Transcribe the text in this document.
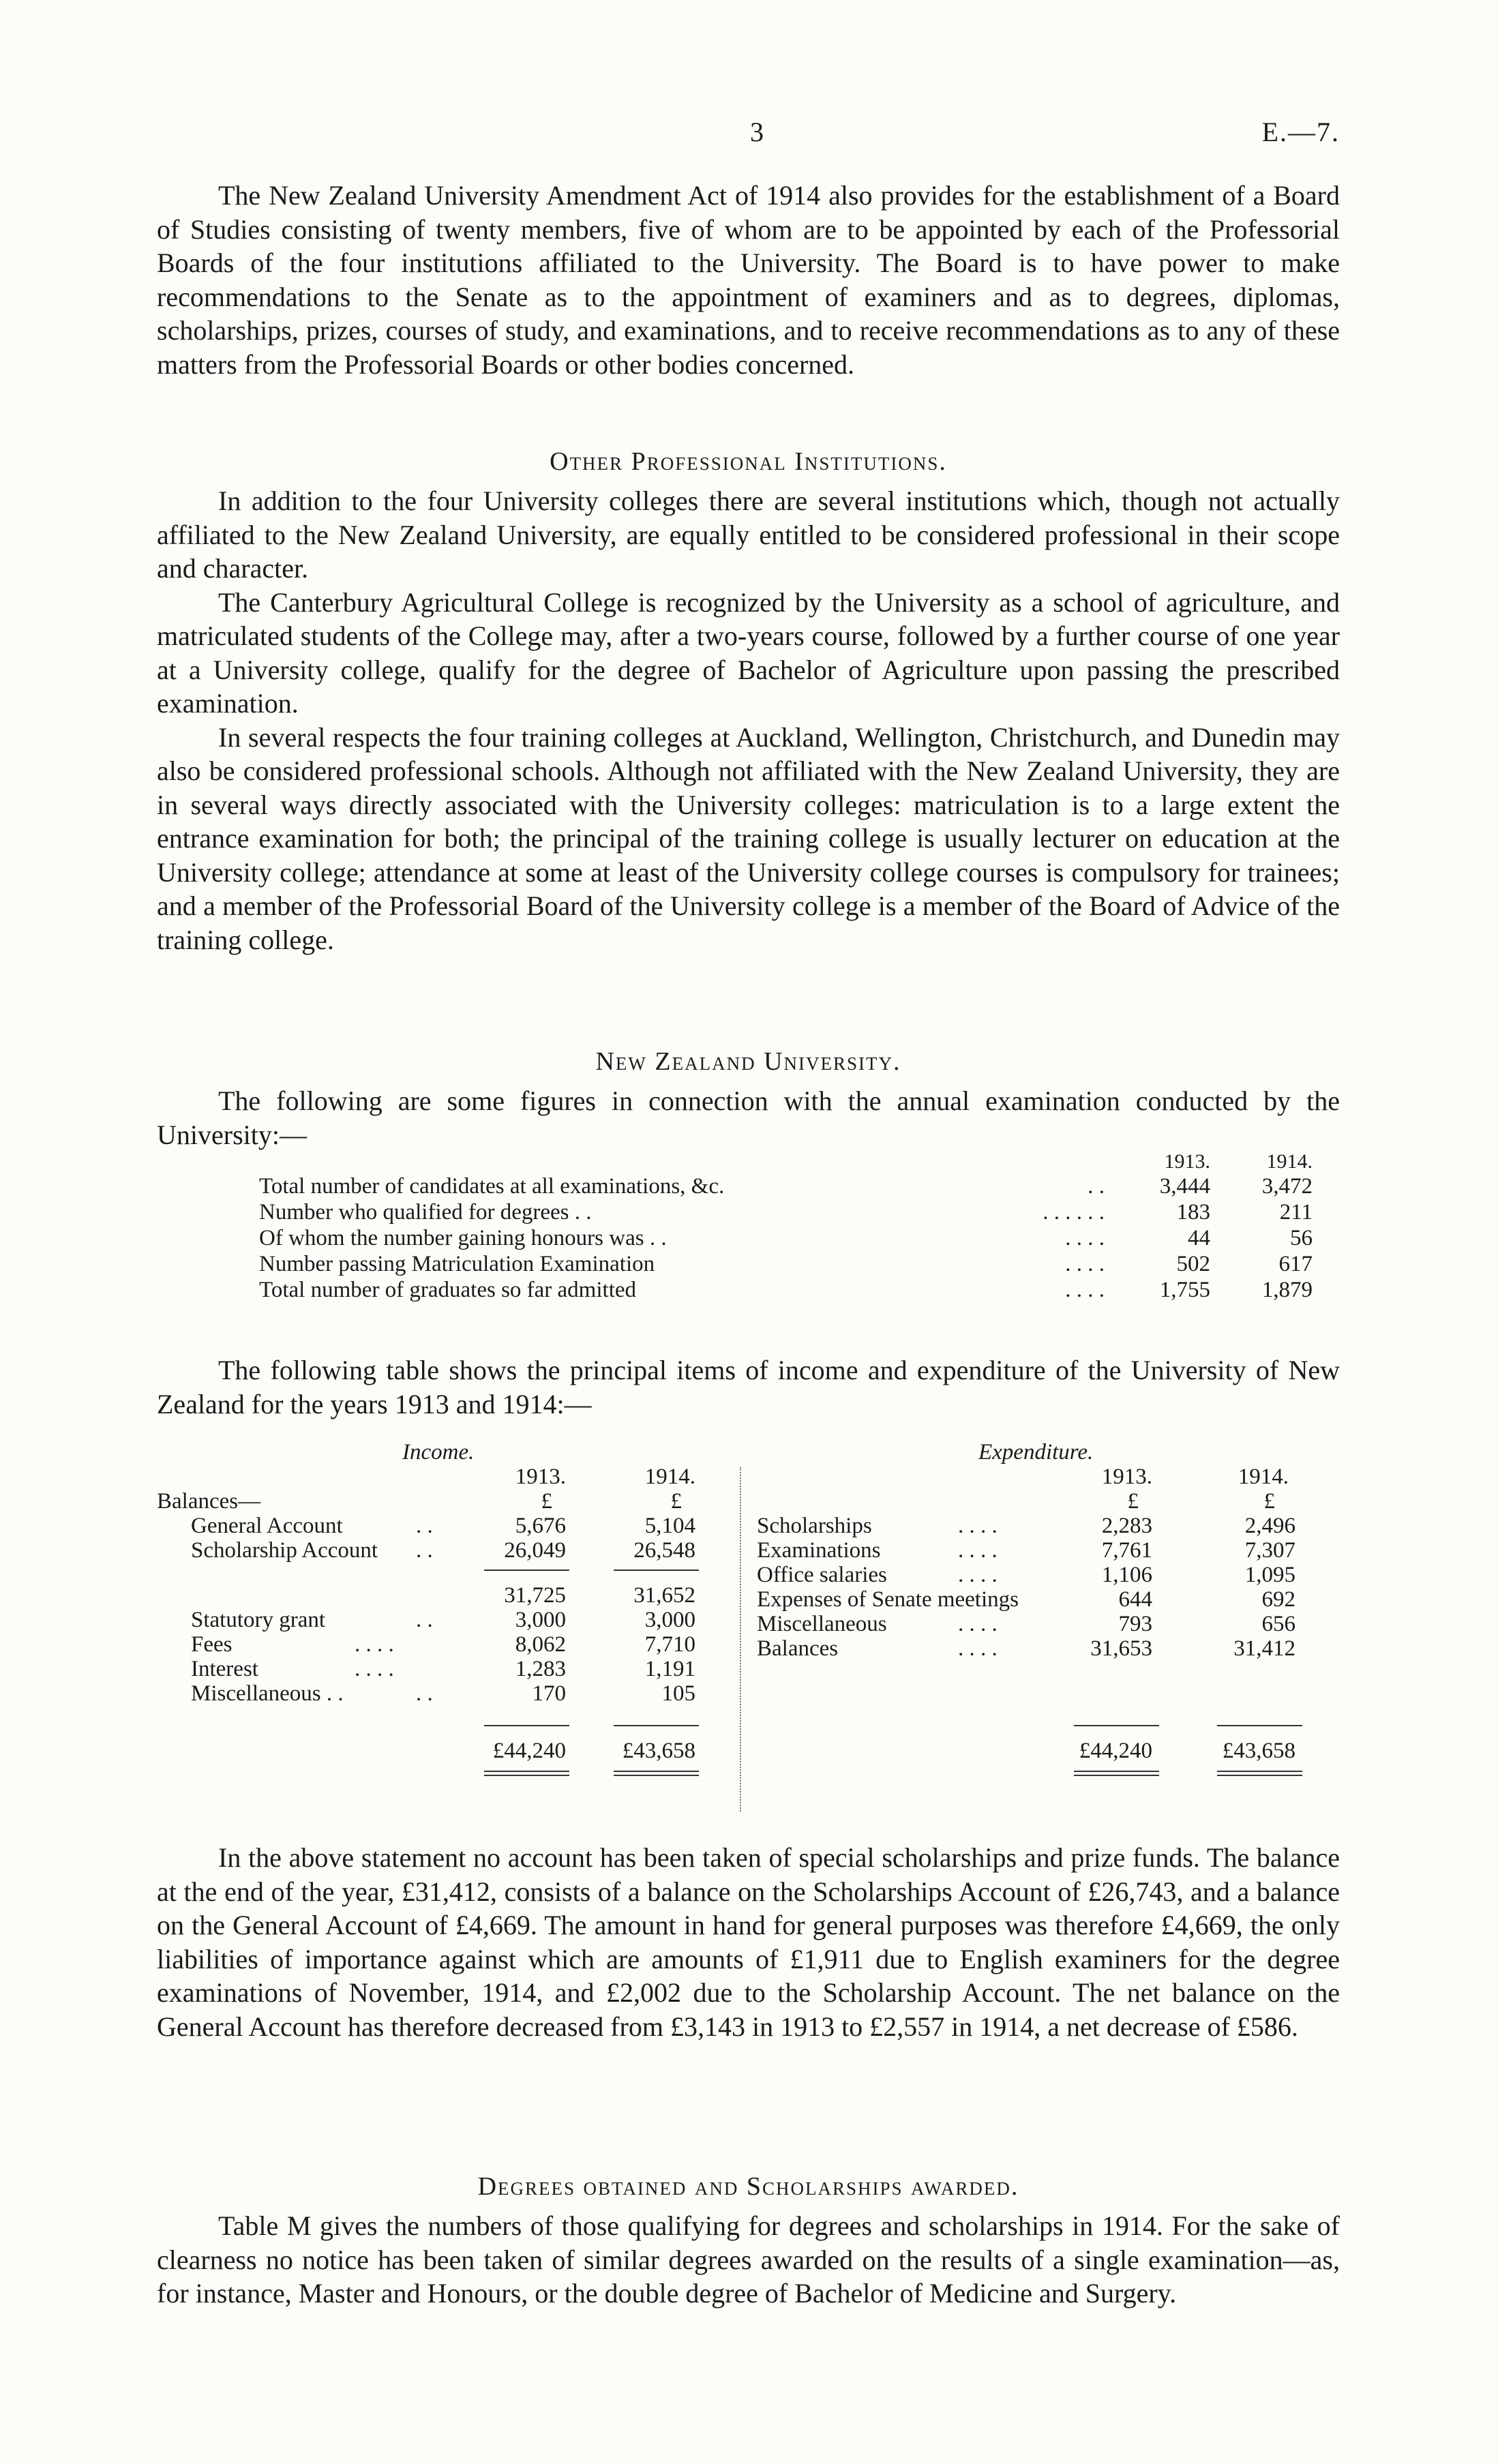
3	E.—7.

The New Zealand University Amendment Act of 1914 also provides for the establishment of a Board of Studies consisting of twenty members, five of whom are to be appointed by each of the Professorial Boards of the four institutions affiliated to the University. The Board is to have power to make recommendations to the Senate as to the appointment of examiners and as to degrees, diplomas, scholarships, prizes, courses of study, and examinations, and to receive recommendations as to any of these matters from the Professorial Boards or other bodies concerned.

Other Professional Institutions.

In addition to the four University colleges there are several institutions which, though not actually affiliated to the New Zealand University, are equally entitled to be considered professional in their scope and character.

The Canterbury Agricultural College is recognized by the University as a school of agriculture, and matriculated students of the College may, after a two-years course, followed by a further course of one year at a University college, qualify for the degree of Bachelor of Agriculture upon passing the prescribed examination.

In several respects the four training colleges at Auckland, Wellington, Christchurch, and Dunedin may also be considered professional schools. Although not affiliated with the New Zealand University, they are in several ways directly associated with the University colleges: matriculation is to a large extent the entrance examination for both; the principal of the training college is usually lecturer on education at the University college; attendance at some at least of the University college courses is compulsory for trainees; and a member of the Professorial Board of the University college is a member of the Board of Advice of the training college.

New Zealand University.

The following are some figures in connection with the annual examination conducted by the University:—

1913.	1914.
Total number of candidates at all examinations, &c.	. .	3,444	3,472
Number who qualified for degrees . .	. . . . . .	183	211
Of whom the number gaining honours was . .	. . . .	44	56
Number passing Matriculation Examination	. . . .	502	617
Total number of graduates so far admitted	. . . .	1,755	1,879

The following table shows the principal items of income and expenditure of the University of New Zealand for the years 1913 and 1914:—

Income.
1913.	1914.
Balances—	£	£
General Account	. .	5,676	5,104
Scholarship Account . .	26,049	26,548
31,725	31,652
Statutory grant	. .	3,000	3,000
Fees	. . . .	8,062	7,710
Interest	. . . .	1,283	1,191
Miscellaneous . .	. .	170	105
£44,240	£43,658
Expenditure.
1913.	1914.
£	£
Scholarships	. . . .	2,283	2,496
Examinations	. . . .	7,761	7,307
Office salaries	. . . .	1,106	1,095
Expenses of Senate meetings	644	692
Miscellaneous	. . . .	793	656
Balances	. . . .	31,653	31,412
£44,240	£43,658

In the above statement no account has been taken of special scholarships and prize funds. The balance at the end of the year, £31,412, consists of a balance on the Scholarships Account of £26,743, and a balance on the General Account of £4,669. The amount in hand for general purposes was therefore £4,669, the only liabilities of importance against which are amounts of £1,911 due to English examiners for the degree examinations of November, 1914, and £2,002 due to the Scholarship Account. The net balance on the General Account has therefore decreased from £3,143 in 1913 to £2,557 in 1914, a net decrease of £586.

Degrees obtained and Scholarships awarded.

Table M gives the numbers of those qualifying for degrees and scholarships in 1914. For the sake of clearness no notice has been taken of similar degrees awarded on the results of a single examination—as, for instance, Master and Honours, or the double degree of Bachelor of Medicine and Surgery.
